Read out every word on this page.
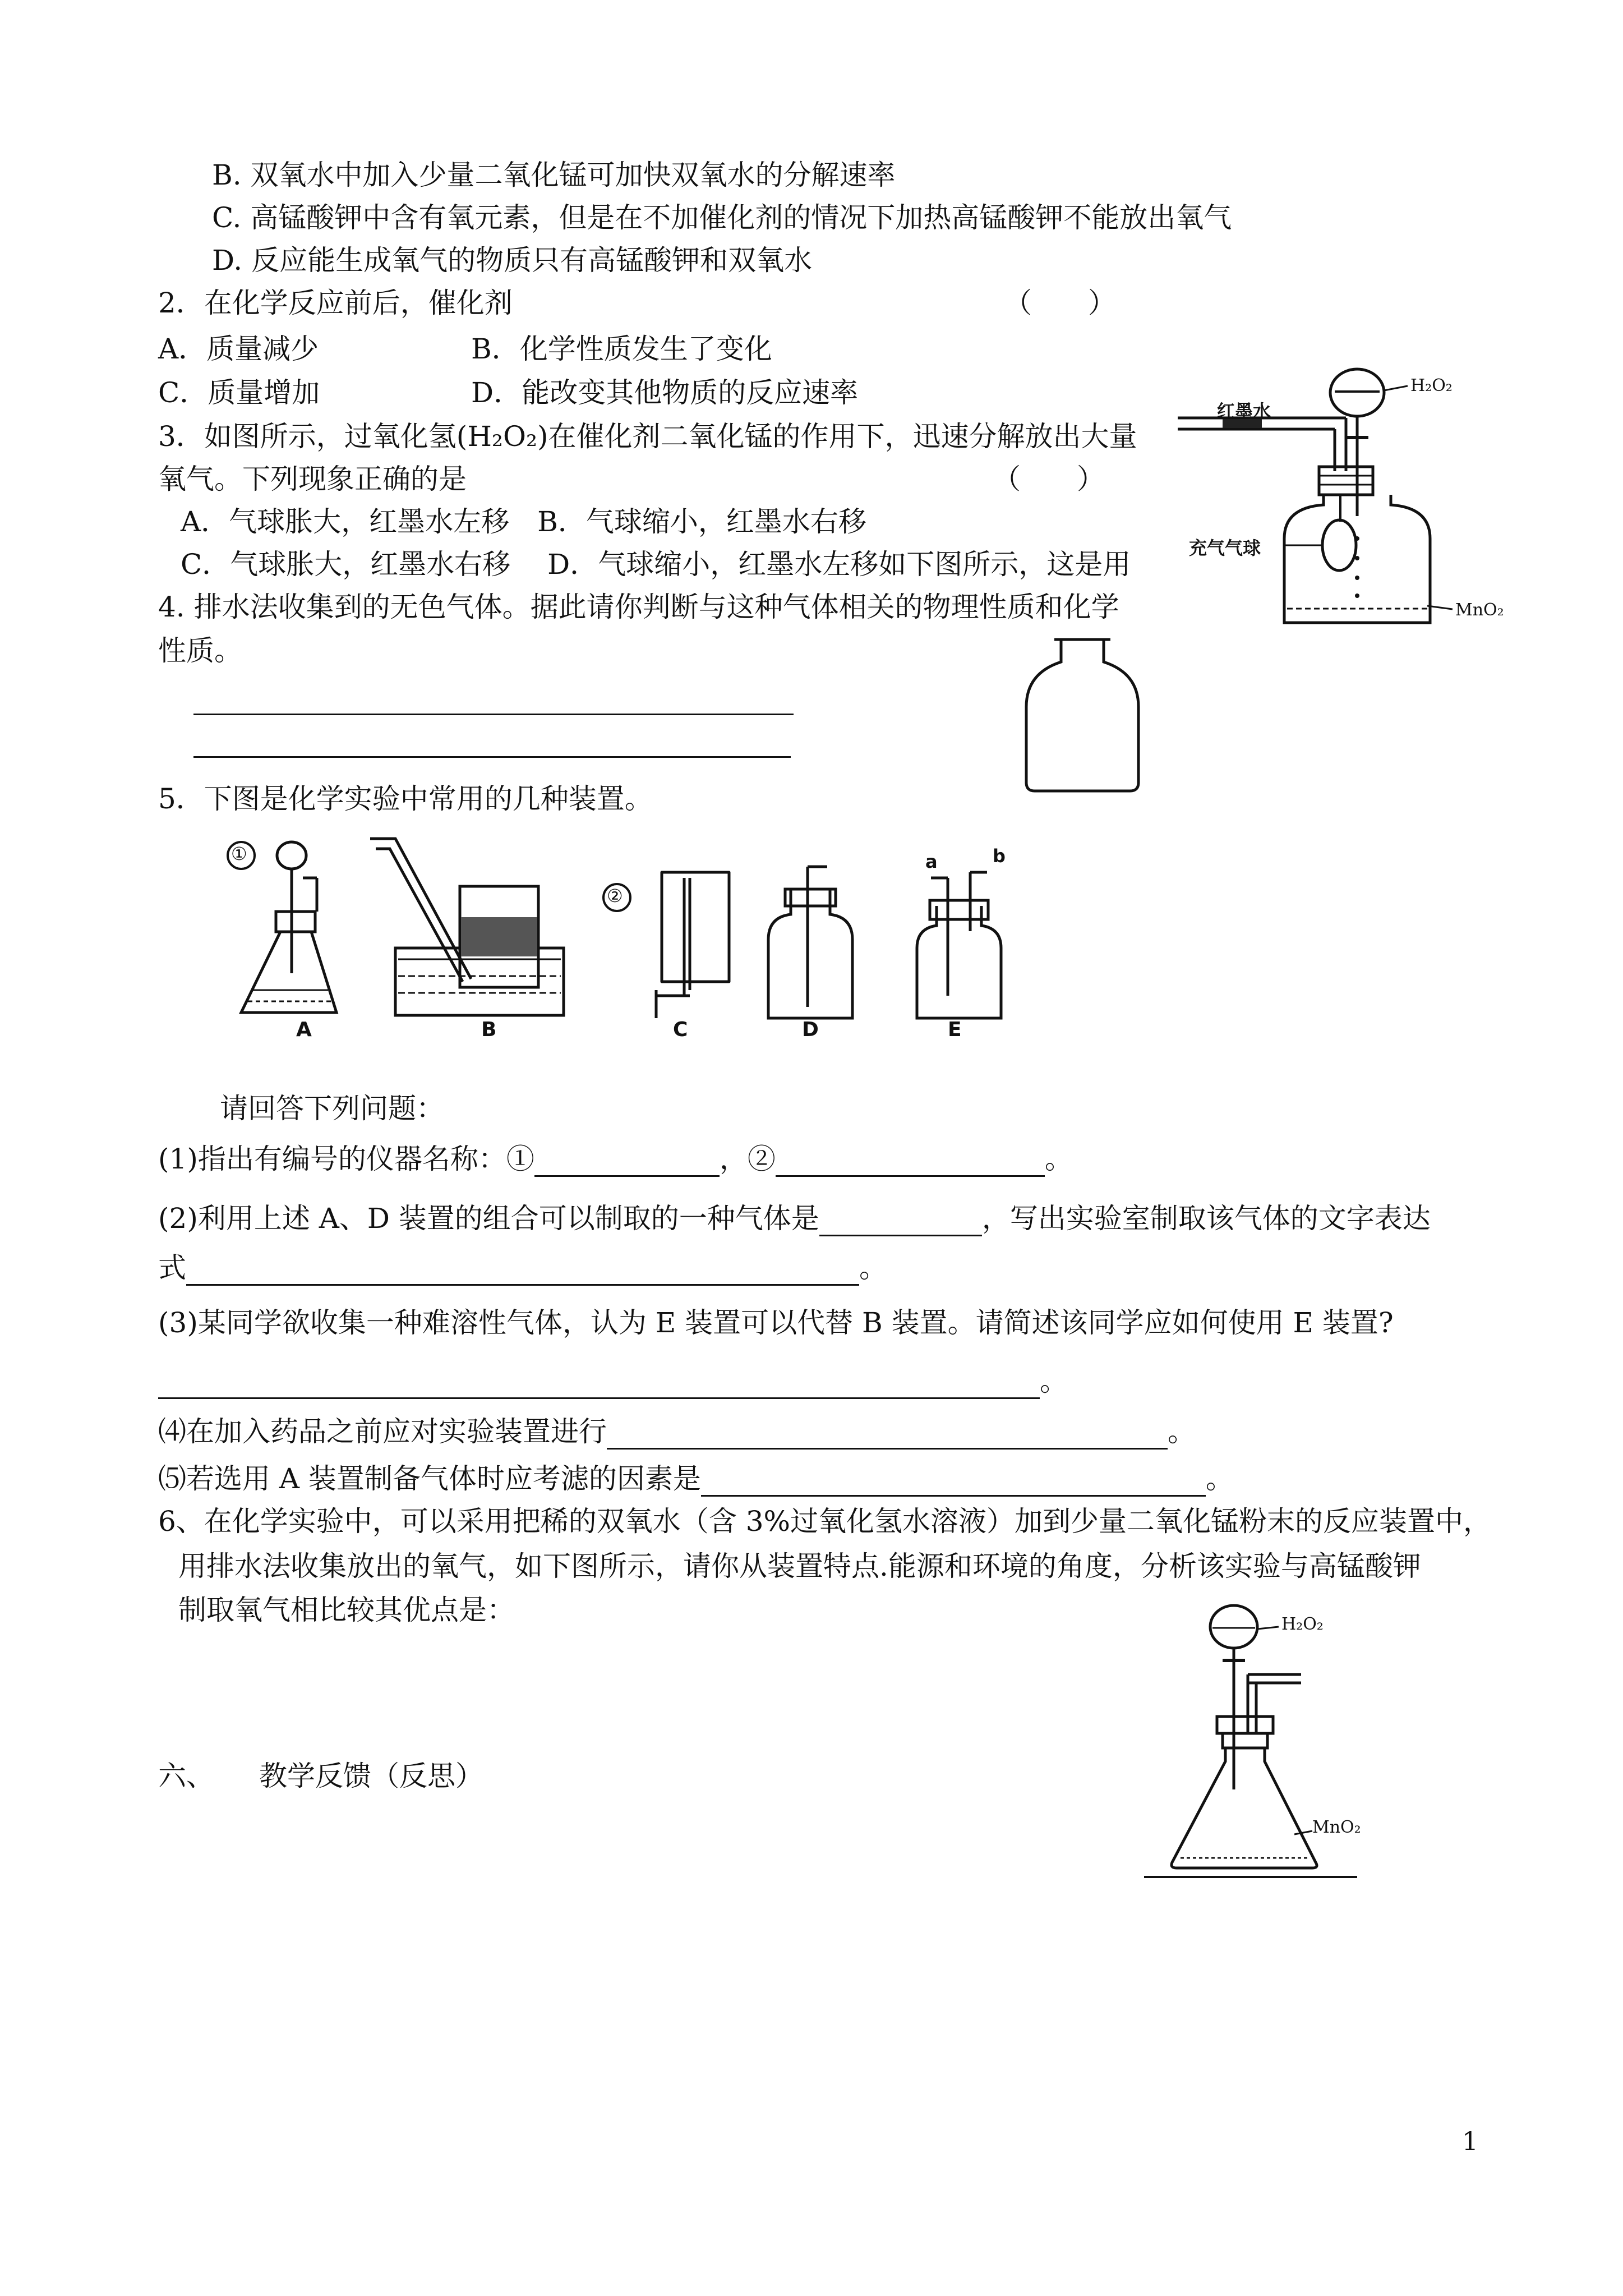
B. 双氧水中加入少量二氧化锰可加快双氧水的分解速率
C. 高锰酸钾中含有氧元素，但是在不加催化剂的情况下加热高锰酸钾不能放出氧气
D. 反应能生成氧气的物质只有高锰酸钾和双氧水
2．在化学反应前后，催化剂	（　　）
A．质量减少	B．化学性质发生了变化
C．质量增加	D．能改变其他物质的反应速率
3．如图所示，过氧化氢(H₂O₂)在催化剂二氧化锰的作用下，迅速分解放出大量
氧气。下列现象正确的是	（　　）
A．气球胀大，红墨水左移　B．气球缩小，红墨水右移
C．气球胀大，红墨水右移　 D．气球缩小，红墨水左移如下图所示，这是用
红墨水
H₂O₂
充气气球
MnO₂
4. 排水法收集到的无色气体。据此请你判断与这种气体相关的物理性质和化学
性质。
5．下图是化学实验中常用的几种装置。
①
②
A	B	C	D	E
a	b
请回答下列问题：
(1)指出有编号的仪器名称：①	，②	。
(2)利用上述 A、D 装置的组合可以制取的一种气体是	，写出实验室制取该气体的文字表达
式	。
(3)某同学欲收集一种难溶性气体，认为 E 装置可以代替 B 装置。请简述该同学应如何使用 E 装置?
。
⑷在加入药品之前应对实验装置进行	。
⑸若选用 A 装置制备气体时应考滤的因素是	。
6、在化学实验中，可以采用把稀的双氧水（含 3%过氧化氢水溶液）加到少量二氧化锰粉末的反应装置中，
用排水法收集放出的氧气，如下图所示，请你从装置特点.能源和环境的角度，分析该实验与高锰酸钾
制取氧气相比较其优点是：	H₂O₂
MnO₂
六、 教学反馈（反思）
1
